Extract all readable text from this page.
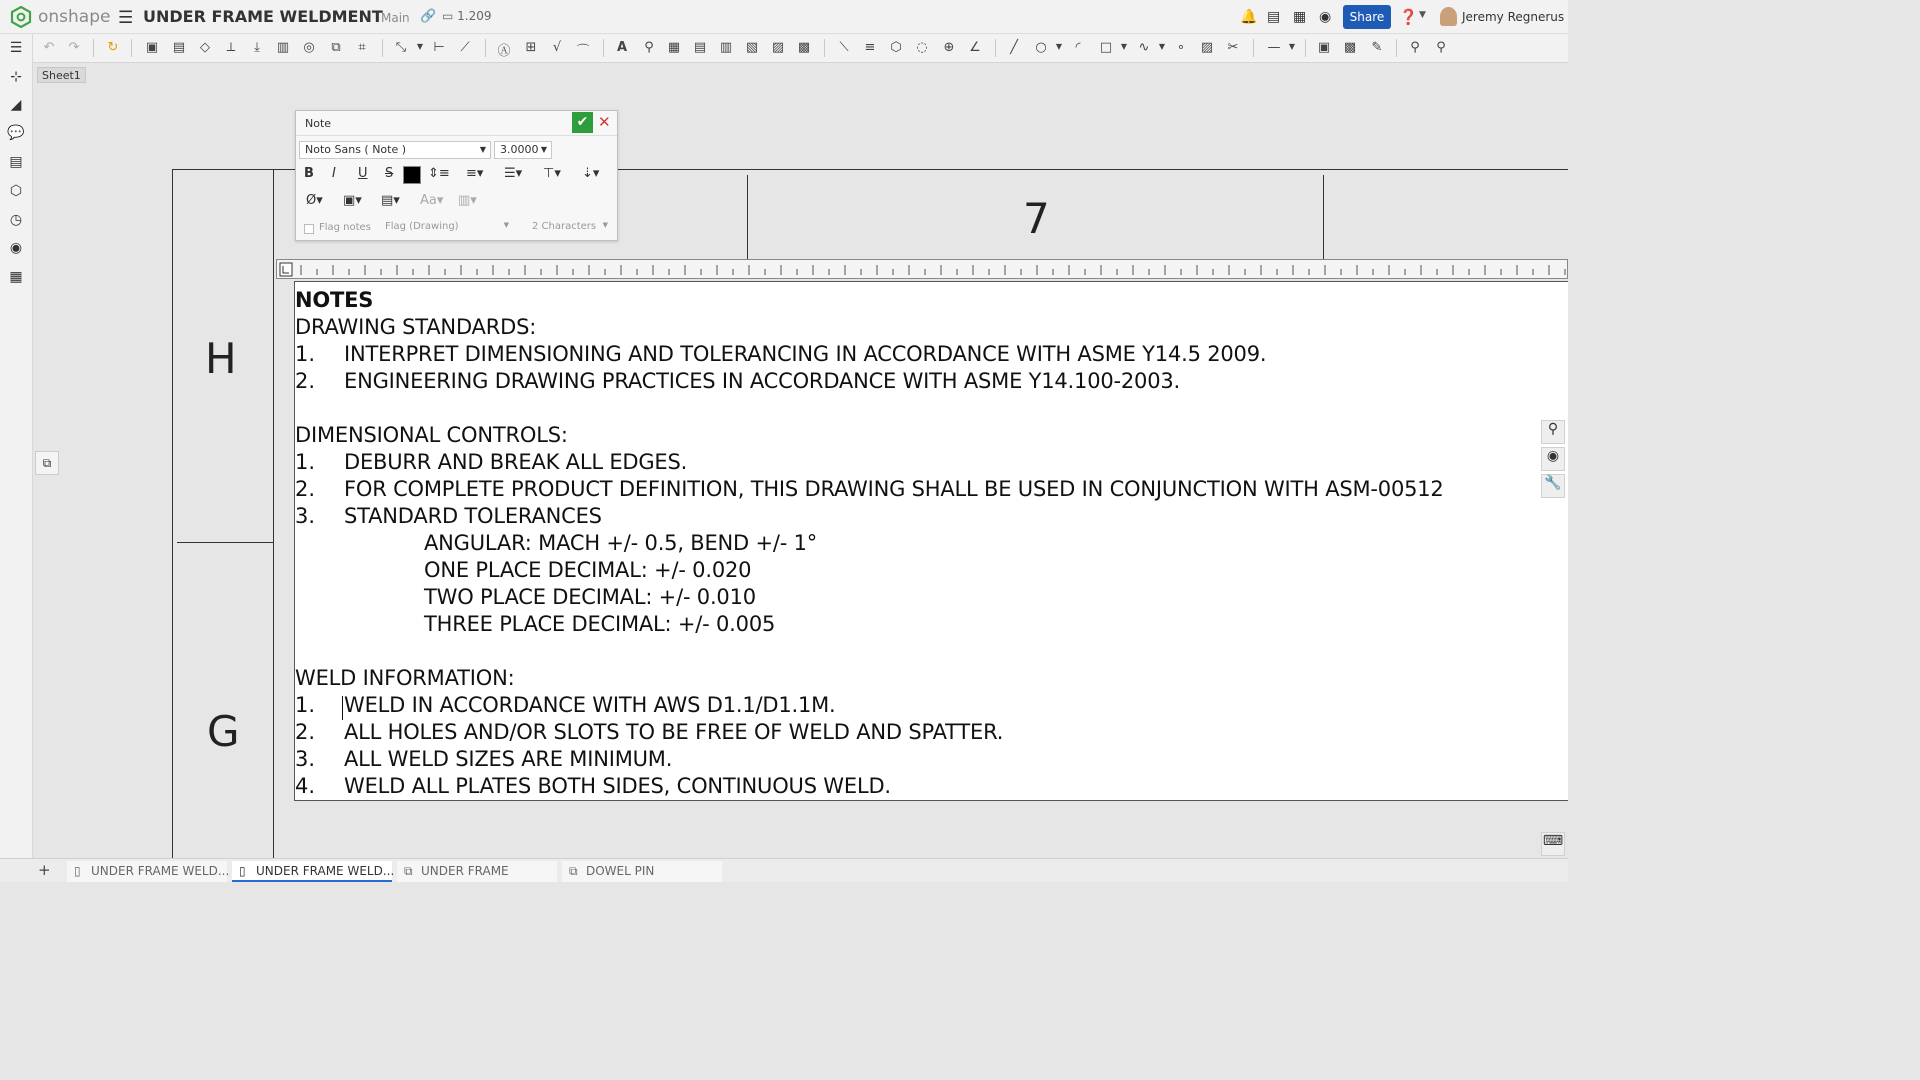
onshape ☰ UNDER FRAME WELDMENT
Main 🔗 ▭ 1.209	🔔 ▤ ▦ ◉	Share ❓ ▼	Jeremy Regnerus
↶ ↷ ↻ ▣ ▤	◇	⟂	⤓	▥ ◎	⧉	⌗	⤡	▼ ⊢	⟋	Ⓐ ⊞	√	⌒	A	⚲	▦ ▤ ▥ ▧ ▨ ▩	⟍	≡ ⬡ ◌ ⊕ ∠	╱	○	▼	◜	□	▼ ∿	▼ ∘	▨ ✂ —	▼	▣ ▩ ✎	⚲	⚲
☰
⊹
◢
💬
▤
⬡
◷
◉
▦
Sheet1
7
H
G
⧉
NOTES
DRAWING STANDARDS:
1. INTERPRET DIMENSIONING AND TOLERANCING IN ACCORDANCE WITH ASME Y14.5 2009.
2. ENGINEERING DRAWING PRACTICES IN ACCORDANCE WITH ASME Y14.100-2003.
DIMENSIONAL CONTROLS:
1. DEBURR AND BREAK ALL EDGES.
2. FOR COMPLETE PRODUCT DEFINITION, THIS DRAWING SHALL BE USED IN CONJUNCTION WITH ASM-00512
3. STANDARD TOLERANCES
ANGULAR: MACH +/- 0.5, BEND +/- 1°
ONE PLACE DECIMAL: +/- 0.020
TWO PLACE DECIMAL: +/- 0.010
THREE PLACE DECIMAL: +/- 0.005
WELD INFORMATION:
1. WELD IN ACCORDANCE WITH AWS D1.1/D1.1M.
2. ALL HOLES AND/OR SLOTS TO BE FREE OF WELD AND SPATTER.
3. ALL WELD SIZES ARE MINIMUM.
4. WELD ALL PLATES BOTH SIDES, CONTINUOUS WELD.
⚲
◉
🔧
⌨
Note	✔ ✕
Noto Sans ( Note )	▼	3.0000 ▼
B I U S	⇕≡ ≡▾ ☰▾ ⊤▾ ⇣▾
Ø▾ ▣▾ ▤▾ Aa▾ ▥▾
Flag notes Flag (Drawing)	▼ 2 Characters ▼
+ ▯ UNDER FRAME WELD... ▯ UNDER FRAME WELD... ⧉ UNDER FRAME	⧉ DOWEL PIN
